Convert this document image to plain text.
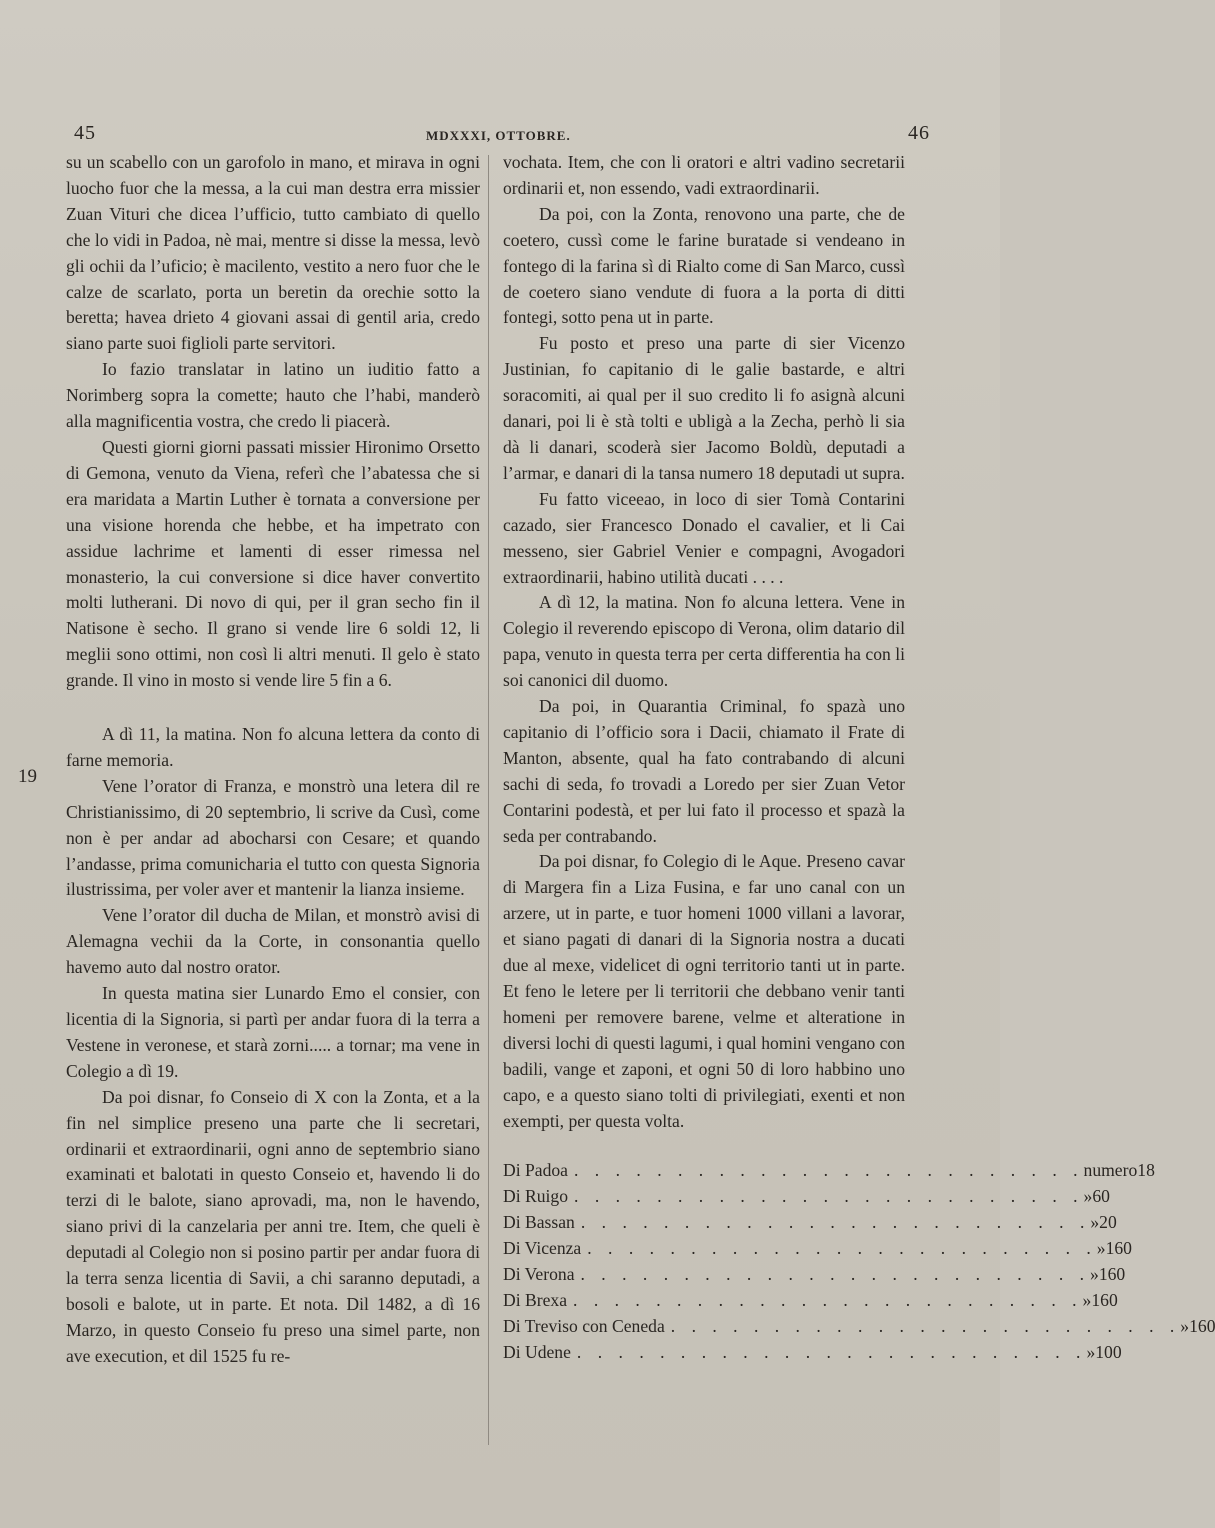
45	MDXXXI, OTTOBRE.	46
19

su un scabello con un garofolo in mano, et mirava in ogni luocho fuor che la messa, a la cui man destra erra missier Zuan Vituri che dicea l’ufficio, tutto cambiato di quello che lo vidi in Padoa, nè mai, mentre si disse la messa, levò gli ochii da l’uficio; è macilento, vestito a nero fuor che le calze de scarlato, porta un beretin da orechie sotto la beretta; havea drieto 4 giovani assai di gentil aria, credo siano parte suoi figlioli parte servitori.

Io fazio translatar in latino un iuditio fatto a Norimberg sopra la comette; hauto che l’habi, manderò alla magnificentia vostra, che credo li piacerà.

Questi giorni giorni passati missier Hironimo Orsetto di Gemona, venuto da Viena, referì che l’abatessa che si era maridata a Martin Luther è tornata a conversione per una visione horenda che hebbe, et ha impetrato con assidue lachrime et lamenti di esser rimessa nel monasterio, la cui conversione si dice haver convertito molti lutherani. Di novo di qui, per il gran secho fin il Natisone è secho. Il grano si vende lire 6 soldi 12, li meglii sono ottimi, non così li altri menuti. Il gelo è stato grande. Il vino in mosto si vende lire 5 fin a 6.

A dì 11, la matina. Non fo alcuna lettera da conto di farne memoria.

Vene l’orator di Franza, e monstrò una letera dil re Christianissimo, di 20 septembrio, li scrive da Cusì, come non è per andar ad abocharsi con Cesare; et quando l’andasse, prima comunicharia el tutto con questa Signoria ilustrissima, per voler aver et mantenir la lianza insieme.

Vene l’orator dil ducha de Milan, et monstrò avisi di Alemagna vechii da la Corte, in consonantia quello havemo auto dal nostro orator.

In questa matina sier Lunardo Emo el consier, con licentia di la Signoria, si partì per andar fuora di la terra a Vestene in veronese, et starà zorni..... a tornar; ma vene in Colegio a dì 19.

Da poi disnar, fo Conseio di X con la Zonta, et a la fin nel simplice preseno una parte che li secretari, ordinarii et extraordinarii, ogni anno de septembrio siano examinati et balotati in questo Conseio et, havendo li do terzi di le balote, siano aprovadi, ma, non le havendo, siano privi di la canzelaria per anni tre. Item, che queli è deputadi al Colegio non si posino partir per andar fuora di la terra senza licentia di Savii, a chi saranno deputadi, a bosoli e balote, ut in parte. Et nota. Dil 1482, a dì 16 Marzo, in questo Conseio fu preso una simel parte, non ave execution, et dil 1525 fu re-

vochata. Item, che con li oratori e altri vadino secretarii ordinarii et, non essendo, vadi extraordinarii.

Da poi, con la Zonta, renovono una parte, che de coetero, cussì come le farine buratade si vendeano in fontego di la farina sì di Rialto come di San Marco, cussì de coetero siano vendute di fuora a la porta di ditti fontegi, sotto pena ut in parte.

Fu posto et preso una parte di sier Vicenzo Justinian, fo capitanio di le galie bastarde, e altri soracomiti, ai qual per il suo credito li fo asignà alcuni danari, poi li è stà tolti e ubligà a la Zecha, perhò li sia dà li danari, scoderà sier Jacomo Boldù, deputadi a l’armar, e danari di la tansa numero 18 deputadi ut supra.

Fu fatto viceeao, in loco di sier Tomà Contarini cazado, sier Francesco Donado el cavalier, et li Cai messeno, sier Gabriel Venier e compagni, Avogadori extraordinarii, habino utilità ducati . . . .

A dì 12, la matina. Non fo alcuna lettera. Vene in Colegio il reverendo episcopo di Verona, olim datario dil papa, venuto in questa terra per certa differentia ha con li soi canonici dil duomo.

Da poi, in Quarantia Criminal, fo spazà uno capitanio di l’officio sora i Dacii, chiamato il Frate di Manton, absente, qual ha fato contrabando di alcuni sachi di seda, fo trovadi a Loredo per sier Zuan Vetor Contarini podestà, et per lui fato il processo et spazà la seda per contrabando.

Da poi disnar, fo Colegio di le Aque. Preseno cavar di Margera fin a Liza Fusina, e far uno canal con un arzere, ut in parte, e tuor homeni 1000 villani a lavorar, et siano pagati di danari di la Signoria nostra a ducati due al mexe, videlicet di ogni territorio tanti ut in parte. Et feno le letere per li territorii che debbano venir tanti homeni per removere barene, velme et alteratione in diversi lochi di questi lagumi, i qual homini vengano con badili, vange et zaponi, et ogni 50 di loro habbino uno capo, e a questo siano tolti di privilegiati, exenti et non exempti, per questa volta.

Di Padoa . . . . . . . . . . . . . . . . . . . . . . . . . numero 18
Di Ruigo . . . . . . . . . . . . . . . . . . . . . . . . . » 60
Di Bassan . . . . . . . . . . . . . . . . . . . . . . . . . » 20
Di Vicenza . . . . . . . . . . . . . . . . . . . . . . . . . » 160
Di Verona . . . . . . . . . . . . . . . . . . . . . . . . . » 160
Di Brexa . . . . . . . . . . . . . . . . . . . . . . . . . » 160
Di Treviso con Ceneda . . . . . . . . . . . . . . . . . . . . . . . . . » 160
Di Udene . . . . . . . . . . . . . . . . . . . . . . . . . » 100
